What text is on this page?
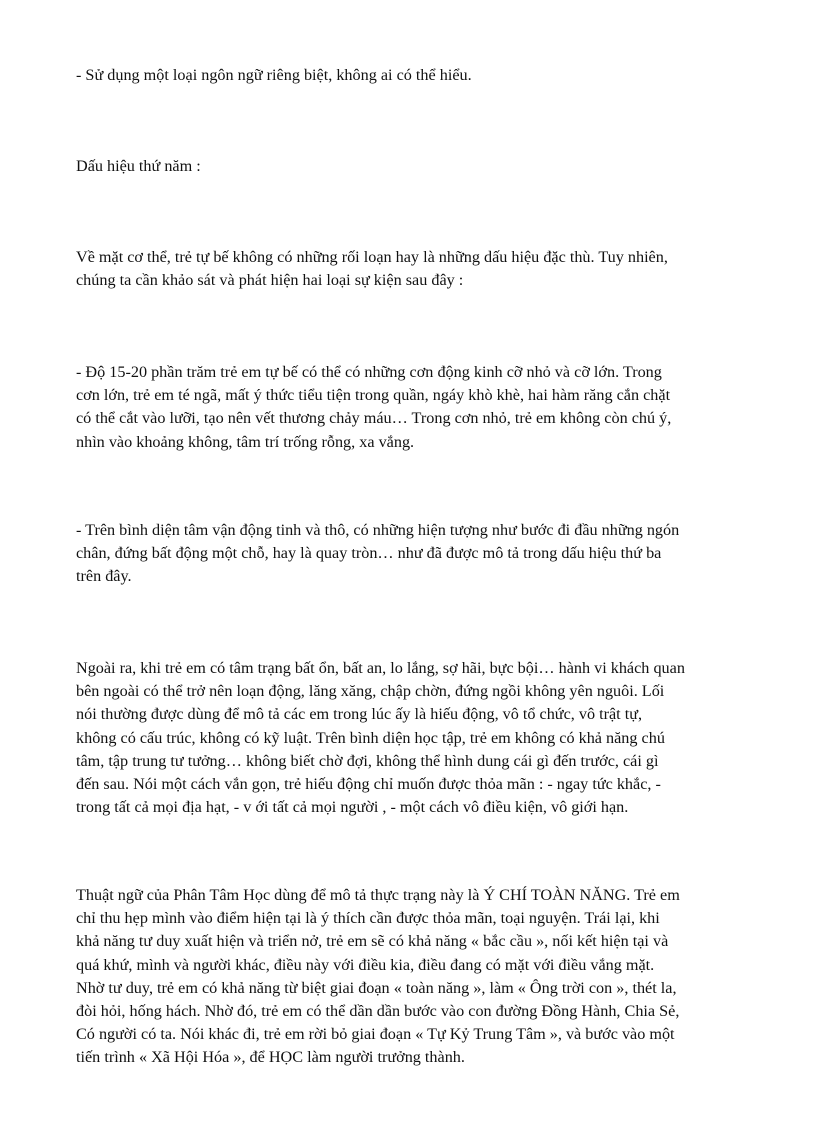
- Sử dụng một loại ngôn ngữ riêng biệt, không ai có thể hiểu.

Dấu hiệu thứ năm :

Về mặt cơ thể, trẻ tự bế không có những rối loạn hay là những dấu hiệu đặc thù. Tuy nhiên,
chúng ta cần khảo sát và phát hiện hai loại sự kiện sau đây :

- Độ 15-20 phần trăm trẻ em tự bế có thể có những cơn động kinh cỡ nhỏ và cỡ lớn. Trong
cơn lớn, trẻ em té ngã, mất ý thức tiểu tiện trong quần, ngáy khò khè, hai hàm răng cắn chặt
có thể cắt vào lưỡi, tạo nên vết thương chảy máu… Trong cơn nhỏ, trẻ em không còn chú ý,
nhìn vào khoảng không, tâm trí trống rỗng, xa vắng.

- Trên bình diện tâm vận động tinh và thô, có những hiện tượng như bước đi đầu những ngón
chân, đứng bất động một chỗ, hay là quay tròn… như đã được mô tả trong dấu hiệu thứ ba
trên đây.

Ngoài ra, khi trẻ em có tâm trạng bất ổn, bất an, lo lắng, sợ hãi, bực bội… hành vi khách quan
bên ngoài có thể trở nên loạn động, lăng xăng, chập chờn, đứng ngồi không yên nguôi. Lối
nói thường được dùng để mô tả các em trong lúc ấy là hiếu động, vô tổ chức, vô trật tự,
không có cấu trúc, không có kỹ luật. Trên bình diện học tập, trẻ em không có khả năng chú
tâm, tập trung tư tưởng… không biết chờ đợi, không thể hình dung cái gì đến trước, cái gì
đến sau. Nói một cách vắn gọn, trẻ hiếu động chỉ muốn được thỏa mãn : - ngay tức khắc, -
trong tất cả mọi địa hạt, - v ới tất cả mọi người , - một cách vô điều kiện, vô giới hạn.

Thuật ngữ của Phân Tâm Học dùng để mô tả thực trạng này là Ý CHÍ TOÀN NĂNG. Trẻ em
chỉ thu hẹp mình vào điểm hiện tại là ý thích cần được thỏa mãn, toại nguyện. Trái lại, khi
khả năng tư duy xuất hiện và triển nở, trẻ em sẽ có khả năng « bắc cầu », nối kết hiện tại và
quá khứ, mình và người khác, điều này với điều kia, điều đang có mặt với điều vắng mặt.
Nhờ tư duy, trẻ em có khả năng từ biệt giai đoạn « toàn năng », làm « Ông trời con », thét la,
đòi hỏi, hống hách. Nhờ đó, trẻ em có thể dần dần bước vào con đường Đồng Hành, Chia Sẻ,
Có người có ta. Nói khác đi, trẻ em rời bỏ giai đoạn « Tự Kỷ Trung Tâm », và bước vào một
tiến trình « Xã Hội Hóa », để HỌC làm người trưởng thành.
